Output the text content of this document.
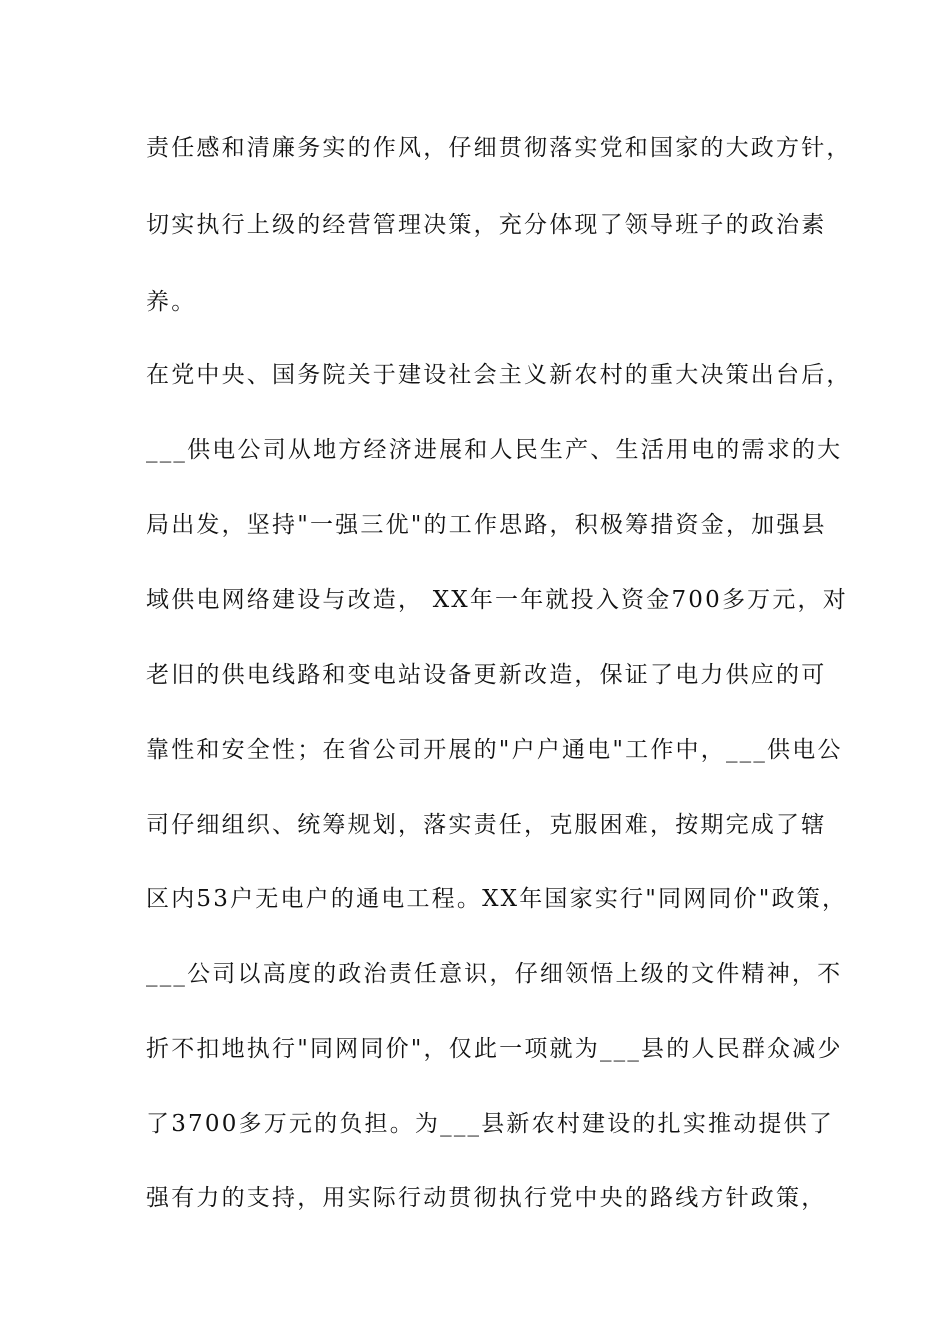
责任感和清廉务实的作风，仔细贯彻落实党和国家的大政方针，
切实执行上级的经营管理决策，充分体现了领导班子的政治素
养。
在党中央、国务院关于建设社会主义新农村的重大决策出台后，
___供电公司从地方经济进展和人民生产、生活用电的需求的大
局出发，坚持"一强三优"的工作思路，积极筹措资金，加强县
域供电网络建设与改造， XX年一年就投入资金700多万元，对
老旧的供电线路和变电站设备更新改造，保证了电力供应的可
靠性和安全性；在省公司开展的"户户通电"工作中，___供电公
司仔细组织、统筹规划，落实责任，克服困难，按期完成了辖
区内53户无电户的通电工程。XX年国家实行"同网同价"政策，
___公司以高度的政治责任意识，仔细领悟上级的文件精神，不
折不扣地执行"同网同价"，仅此一项就为___县的人民群众减少
了3700多万元的负担。为___县新农村建设的扎实推动提供了
强有力的支持，用实际行动贯彻执行党中央的路线方针政策，
